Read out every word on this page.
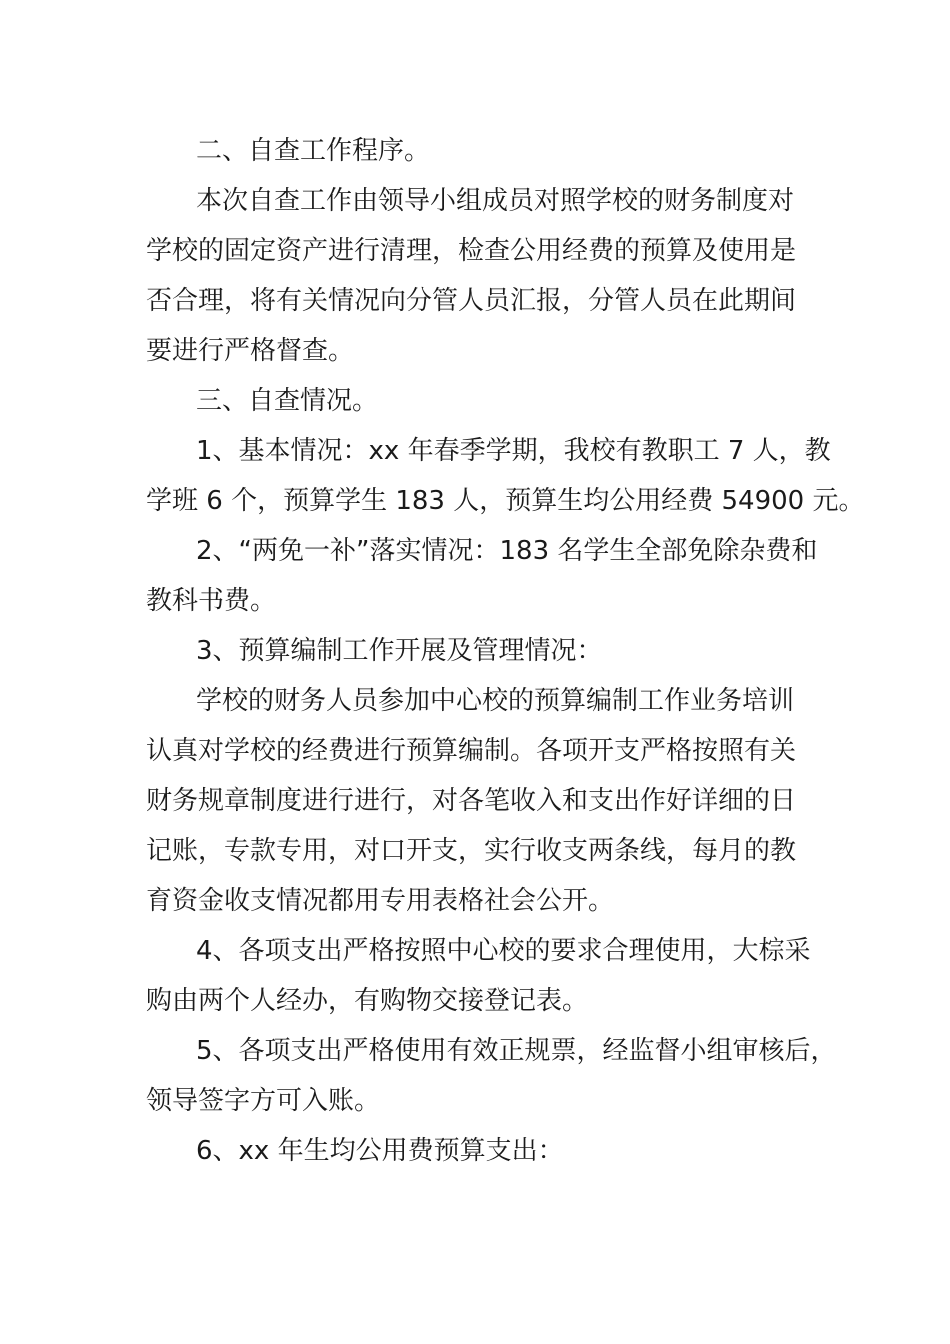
二、自查工作程序。
本次自查工作由领导小组成员对照学校的财务制度对
学校的固定资产进行清理，检查公用经费的预算及使用是
否合理，将有关情况向分管人员汇报，分管人员在此期间
要进行严格督查。
三、自查情况。
1、基本情况：xx 年春季学期，我校有教职工 7 人，教
学班 6 个，预算学生 183 人，预算生均公用经费 54900 元。
2、“两免一补”落实情况：183 名学生全部免除杂费和
教科书费。
3、预算编制工作开展及管理情况：
学校的财务人员参加中心校的预算编制工作业务培训
认真对学校的经费进行预算编制。各项开支严格按照有关
财务规章制度进行进行，对各笔收入和支出作好详细的日
记账，专款专用，对口开支，实行收支两条线，每月的教
育资金收支情况都用专用表格社会公开。
4、各项支出严格按照中心校的要求合理使用，大棕采
购由两个人经办，有购物交接登记表。
5、各项支出严格使用有效正规票，经监督小组审核后，
领导签字方可入账。
6、xx 年生均公用费预算支出：
